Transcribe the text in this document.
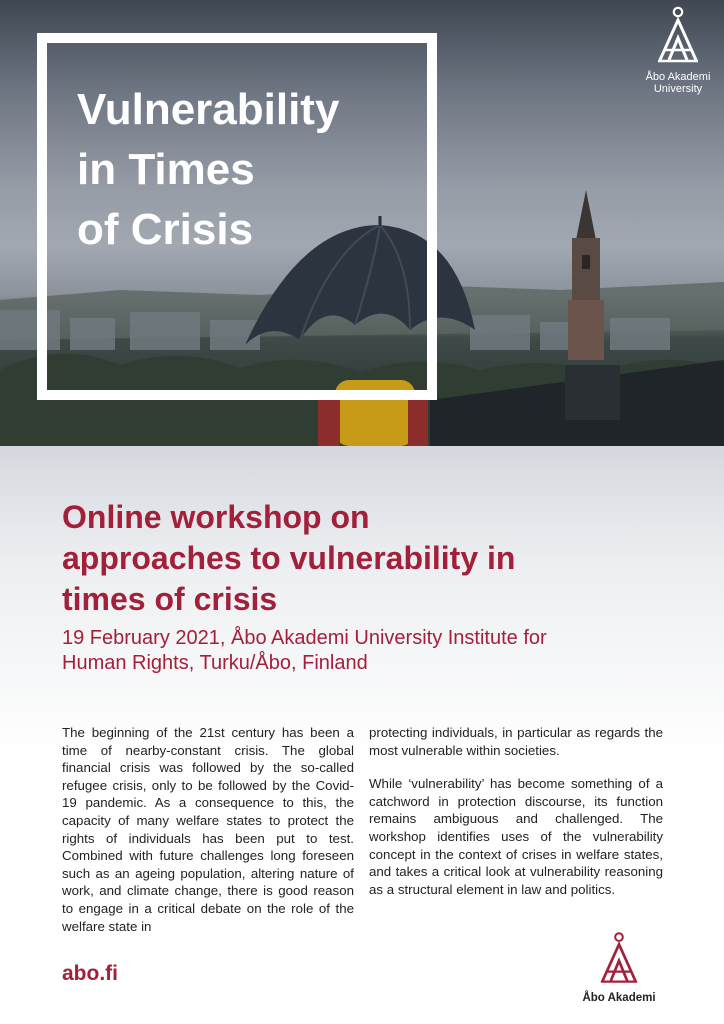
Vulnerability
in Times
of Crisis
Åbo Akademi
University
Online workshop on
approaches to vulnerability in
times of crisis
19 February 2021, Åbo Akademi University Institute for
Human Rights, Turku/Åbo, Finland

The beginning of the 21st century has been a time of nearby-constant crisis. The global financial crisis was followed by the so-called refugee crisis, only to be followed by the Covid-19 pandemic. As a consequence to this, the capacity of many welfare states to protect the rights of individuals has been put to test. Combined with future challenges long foreseen such as an ageing population, altering nature of work, and climate change, there is good reason to engage in a critical debate on the role of the welfare state in

protecting individuals, in particular as regards the most vulnerable within societies.

While ‘vulnerability’ has become something of a catchword in protection discourse, its function remains ambiguous and challenged. The workshop identifies uses of the vulnerability concept in the context of crises in welfare states, and takes a critical look at vulnerability reasoning as a structural element in law and politics.

abo.fi
Åbo Akademi
